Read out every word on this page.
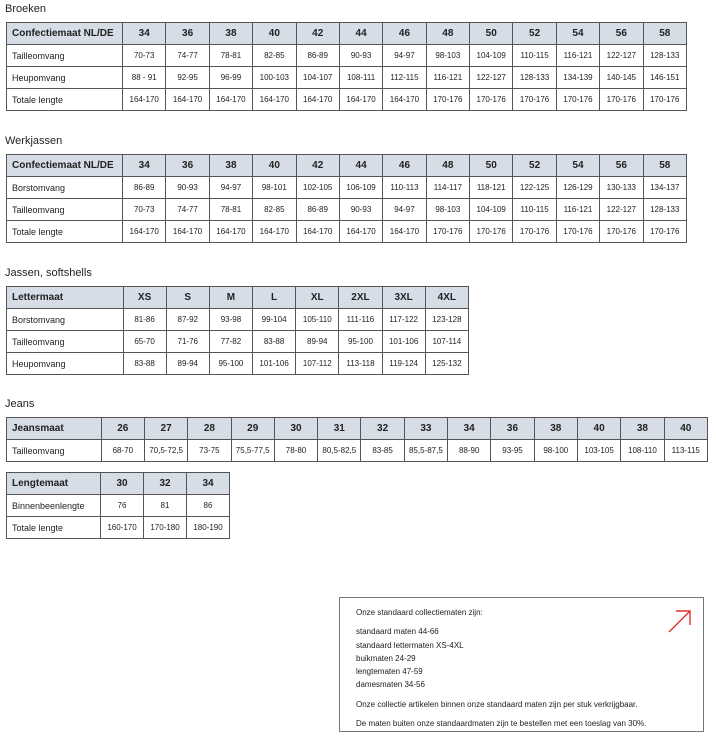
Broeken

Confectiemaat NL/DE	34	36	38	40	42	44	46	48	50	52	54	56	58
Tailleomvang	70-73	74-77	78-81	82-85	86-89	90-93	94-97	98-103	104-109	110-115	116-121	122-127	128-133
Heupomvang	88 - 91	92-95	96-99	100-103	104-107	108-111	112-115	116-121	122-127	128-133	134-139	140-145	146-151
Totale lengte	164-170	164-170	164-170	164-170	164-170	164-170	164-170	170-176	170-176	170-176	170-176	170-176	170-176

Werkjassen

Confectiemaat NL/DE	34	36	38	40	42	44	46	48	50	52	54	56	58
Borstomvang	86-89	90-93	94-97	98-101	102-105	106-109	110-113	114-117	118-121	122-125	126-129	130-133	134-137
Tailleomvang	70-73	74-77	78-81	82-85	86-89	90-93	94-97	98-103	104-109	110-115	116-121	122-127	128-133
Totale lengte	164-170	164-170	164-170	164-170	164-170	164-170	164-170	170-176	170-176	170-176	170-176	170-176	170-176

Jassen, softshells

Lettermaat	XS	S	M	L	XL	2XL	3XL	4XL
Borstomvang	81-86	87-92	93-98	99-104	105-110	111-116	117-122	123-128
Tailleomvang	65-70	71-76	77-82	83-88	89-94	95-100	101-106	107-114
Heupomvang	83-88	89-94	95-100	101-106	107-112	113-118	119-124	125-132

Jeans

Jeansmaat	26	27	28	29	30	31	32	33	34	36	38	40	38	40
Tailleomvang	68-70	70,5-72,5	73-75	75,5-77,5	78-80	80,5-82,5	83-85	85,5-87,5	88-90	93-95	98-100	103-105	108-110	113-115
Lengtemaat	30	32	34
Binnenbeenlengte	76	81	86
Totale lengte	160-170	170-180	180-190

Onze standaard collectiematen zijn:

standaard maten 44-66

standaard lettermaten XS-4XL

buikmaten 24-29

lengtematen 47-59

damesmaten 34-56

Onze collectie artikelen binnen onze standaard maten zijn per stuk verkrijgbaar.

De maten buiten onze standaardmaten zijn te bestellen met een toeslag van 30%.
